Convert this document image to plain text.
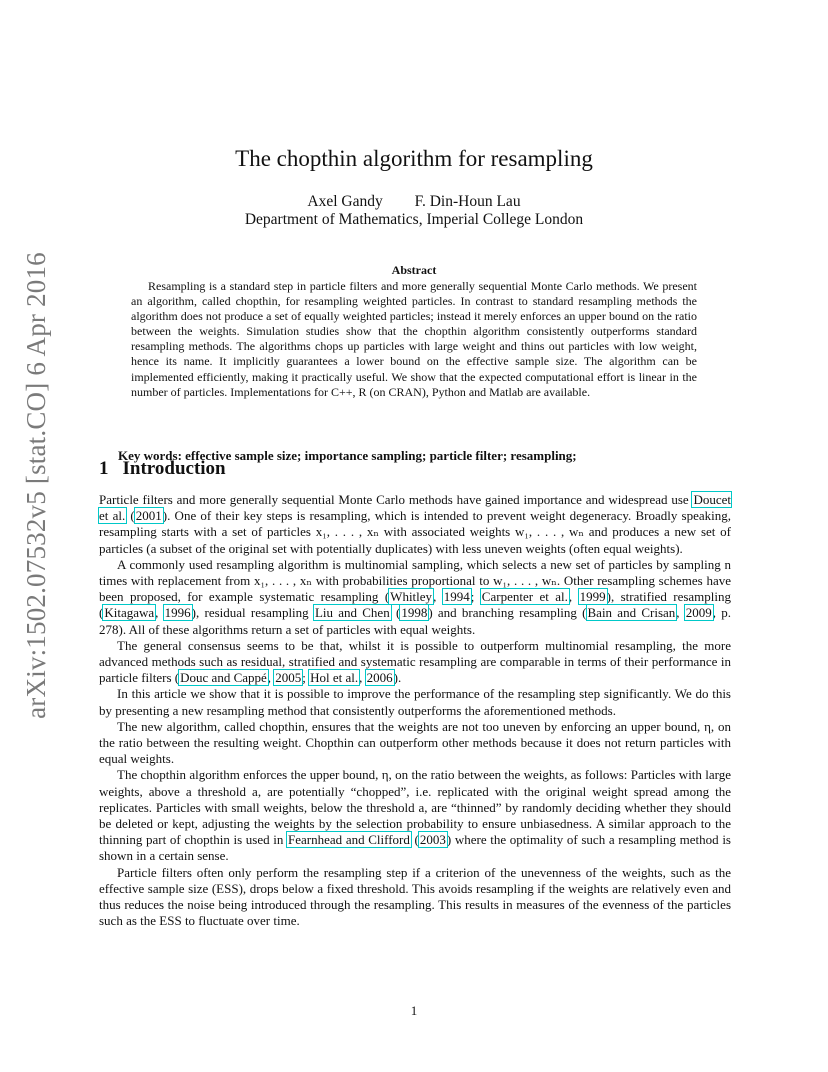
arXiv:1502.07532v5 [stat.CO] 6 Apr 2016
The chopthin algorithm for resampling
Axel Gandy F. Din-Houn Lau
Department of Mathematics, Imperial College London
Abstract

Resampling is a standard step in particle filters and more generally sequential Monte Carlo methods. We present an algorithm, called chopthin, for resampling weighted particles. In contrast to standard resampling methods the algorithm does not produce a set of equally weighted particles; instead it merely enforces an upper bound on the ratio between the weights. Simulation studies show that the chopthin algorithm consistently outperforms standard resampling methods. The algorithms chops up particles with large weight and thins out particles with low weight, hence its name. It implicitly guarantees a lower bound on the effective sample size. The algorithm can be implemented efficiently, making it practically useful. We show that the expected computational effort is linear in the number of particles. Implementations for C++, R (on CRAN), Python and Matlab are available.

Key words: effective sample size; importance sampling; particle filter; resampling;
1 Introduction

Particle filters and more generally sequential Monte Carlo methods have gained importance and widespread use Doucet et al. (2001). One of their key steps is resampling, which is intended to prevent weight degeneracy. Broadly speaking, resampling starts with a set of particles x₁, . . . , xₙ with associated weights w₁, . . . , wₙ and produces a new set of particles (a subset of the original set with potentially duplicates) with less uneven weights (often equal weights).

A commonly used resampling algorithm is multinomial sampling, which selects a new set of particles by sampling n times with replacement from x₁, . . . , xₙ with probabilities proportional to w₁, . . . , wₙ. Other resampling schemes have been proposed, for example systematic resampling (Whitley, 1994; Carpenter et al., 1999), stratified resampling (Kitagawa, 1996), residual resampling Liu and Chen (1998) and branching resampling (Bain and Crisan, 2009, p. 278). All of these algorithms return a set of particles with equal weights.

The general consensus seems to be that, whilst it is possible to outperform multinomial resampling, the more advanced methods such as residual, stratified and systematic resampling are comparable in terms of their performance in particle filters (Douc and Cappé, 2005; Hol et al., 2006).

In this article we show that it is possible to improve the performance of the resampling step significantly. We do this by presenting a new resampling method that consistently outperforms the aforementioned methods.

The new algorithm, called chopthin, ensures that the weights are not too uneven by enforcing an upper bound, η, on the ratio between the resulting weight. Chopthin can outperform other methods because it does not return particles with equal weights.

The chopthin algorithm enforces the upper bound, η, on the ratio between the weights, as follows: Particles with large weights, above a threshold a, are potentially “chopped”, i.e. replicated with the original weight spread among the replicates. Particles with small weights, below the threshold a, are “thinned” by randomly deciding whether they should be deleted or kept, adjusting the weights by the selection probability to ensure unbiasedness. A similar approach to the thinning part of chopthin is used in Fearnhead and Clifford (2003) where the optimality of such a resampling method is shown in a certain sense.

Particle filters often only perform the resampling step if a criterion of the unevenness of the weights, such as the effective sample size (ESS), drops below a fixed threshold. This avoids resampling if the weights are relatively even and thus reduces the noise being introduced through the resampling. This results in measures of the evenness of the particles such as the ESS to fluctuate over time.

1
